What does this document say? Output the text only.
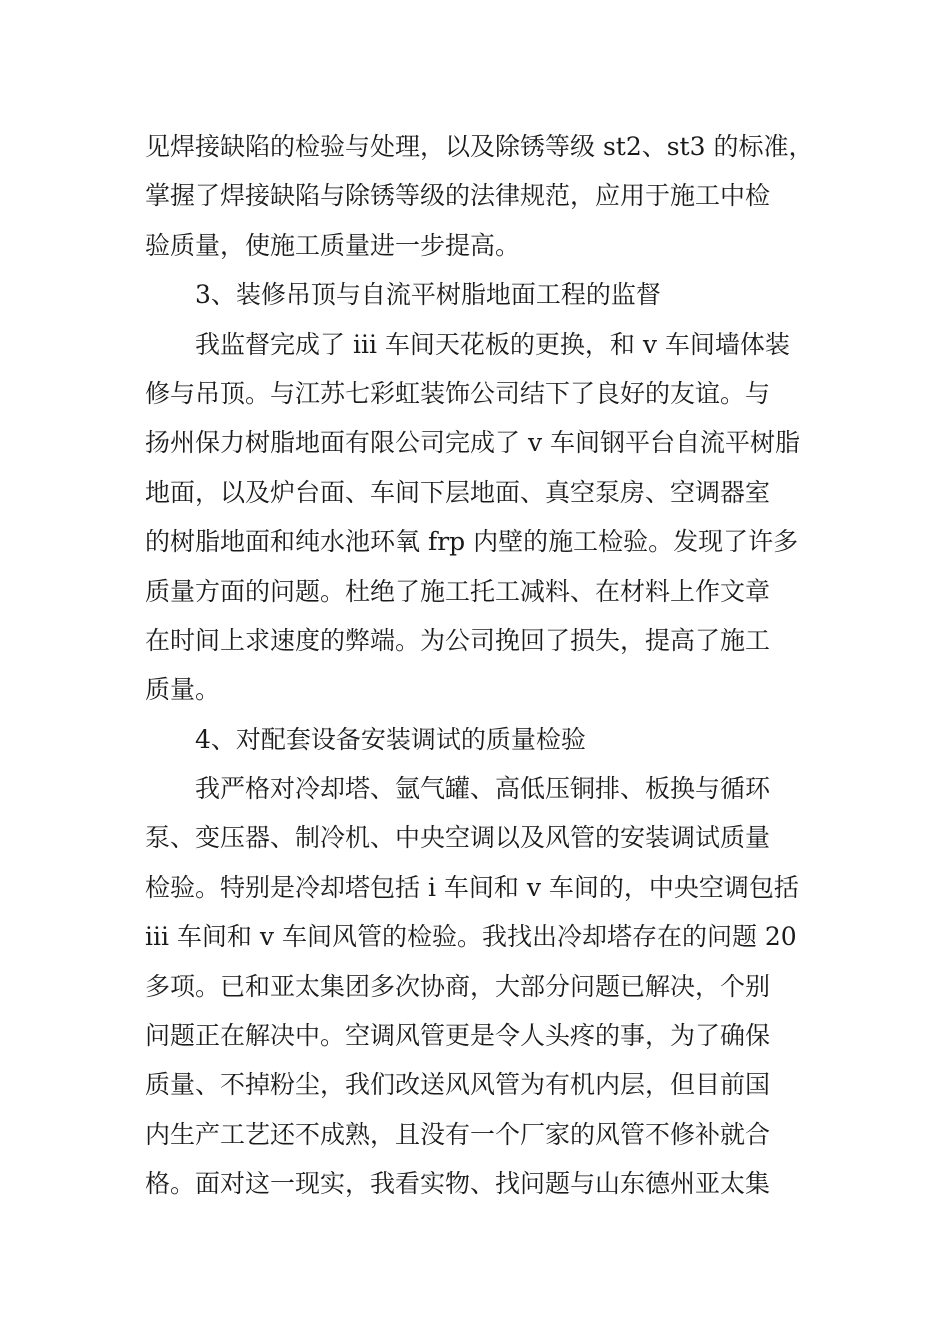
见焊接缺陷的检验与处理，以及除锈等级 st2、st3 的标准，
掌握了焊接缺陷与除锈等级的法律规范，应用于施工中检
验质量，使施工质量进一步提高。
3、装修吊顶与自流平树脂地面工程的监督
我监督完成了 iii 车间天花板的更换，和 v 车间墙体装
修与吊顶。与江苏七彩虹装饰公司结下了良好的友谊。与
扬州保力树脂地面有限公司完成了 v 车间钢平台自流平树脂
地面，以及炉台面、车间下层地面、真空泵房、空调器室
的树脂地面和纯水池环氧 frp 内壁的施工检验。发现了许多
质量方面的问题。杜绝了施工托工减料、在材料上作文章
在时间上求速度的弊端。为公司挽回了损失，提高了施工
质量。
4、对配套设备安装调试的质量检验
我严格对冷却塔、氩气罐、高低压铜排、板换与循环
泵、变压器、制冷机、中央空调以及风管的安装调试质量
检验。特别是冷却塔包括 i 车间和 v 车间的，中央空调包括
iii 车间和 v 车间风管的检验。我找出冷却塔存在的问题 20
多项。已和亚太集团多次协商，大部分问题已解决，个别
问题正在解决中。空调风管更是令人头疼的事，为了确保
质量、不掉粉尘，我们改送风风管为有机内层，但目前国
内生产工艺还不成熟，且没有一个厂家的风管不修补就合
格。面对这一现实，我看实物、找问题与山东德州亚太集
